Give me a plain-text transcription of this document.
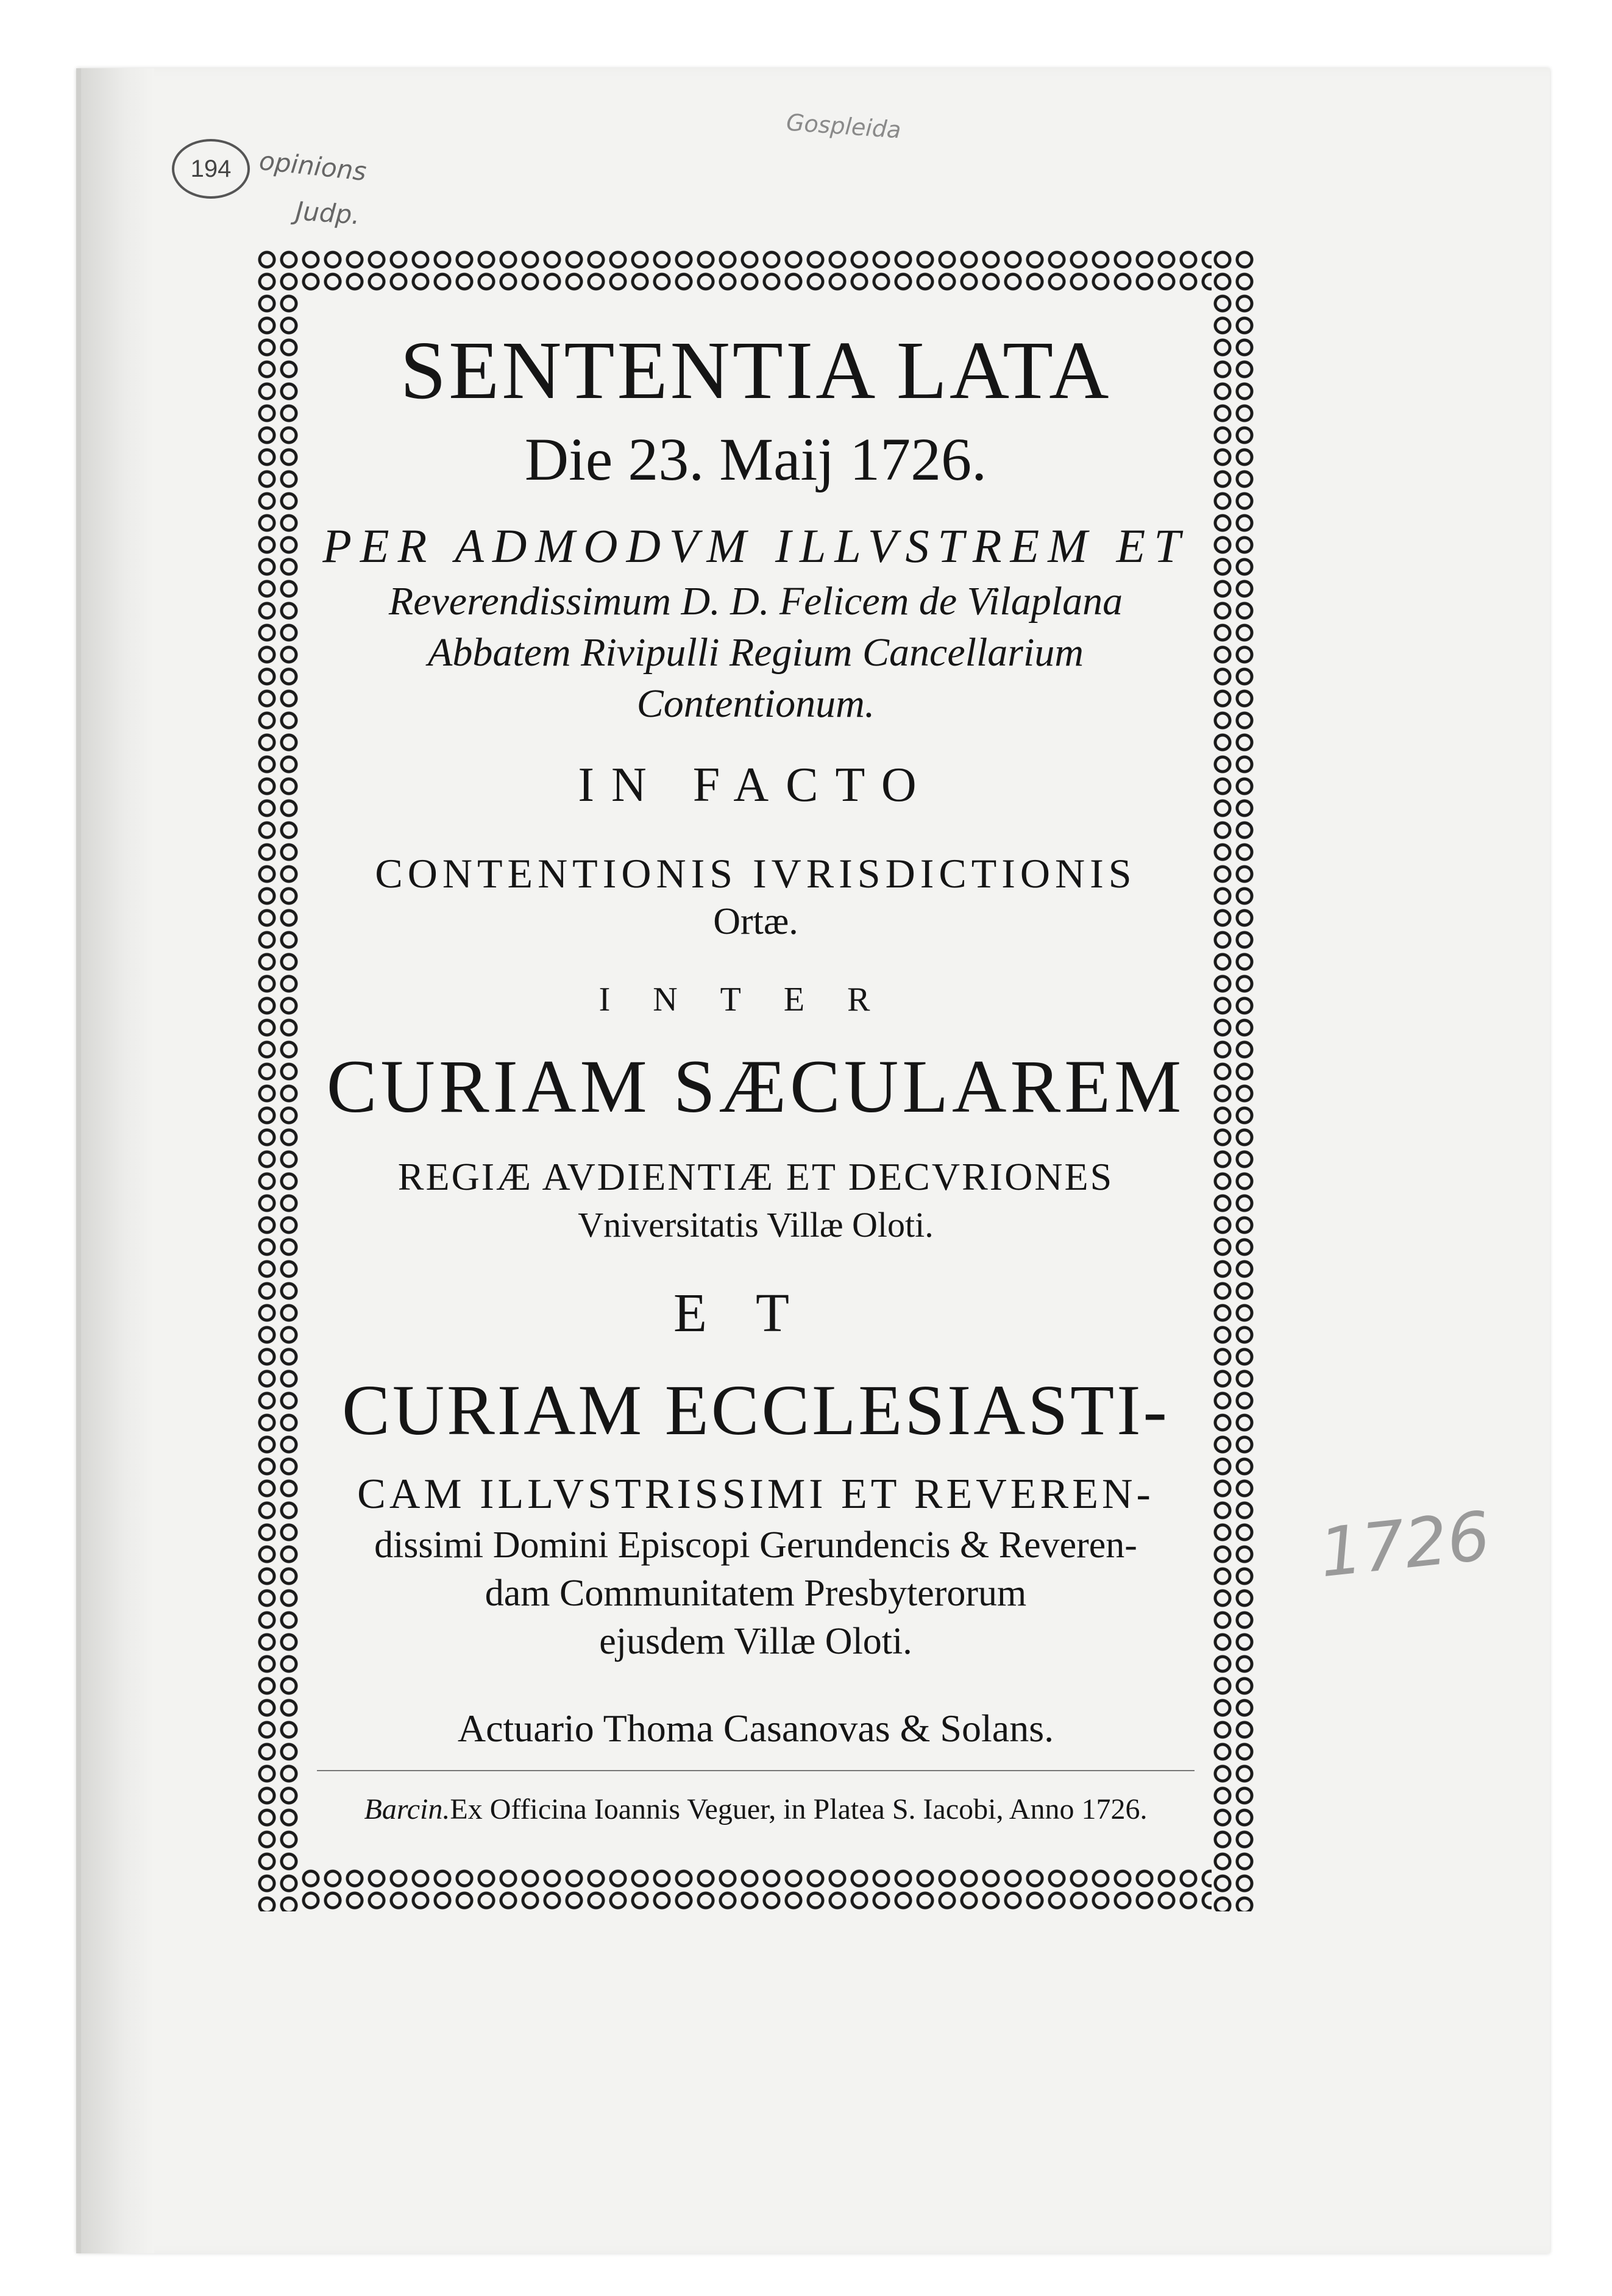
194 opinions
Judp.
Gospleida
1726
SENTENTIA LATA
Die 23. Maij 1726.
PER ADMODVM ILLVSTREM ET
Reverendissimum D. D. Felicem de Vilaplana
Abbatem Rivipulli Regium Cancellarium
Contentionum.
IN FACTO
CONTENTIONIS IVRISDICTIONIS
Ortæ.
INTER
CURIAM SÆCULAREM
REGIÆ AVDIENTIÆ ET DECVRIONES
Vniversitatis Villæ Oloti.
ET
CURIAM ECCLESIASTI-
CAM ILLVSTRISSIMI ET REVEREN-
dissimi Domini Episcopi Gerundencis & Reveren-
dam Communitatem Presbyterorum
ejusdem Villæ Oloti.
Actuario Thoma Casanovas & Solans.
Barcin.Ex Officina Ioannis Veguer, in Platea S. Iacobi, Anno 1726.
